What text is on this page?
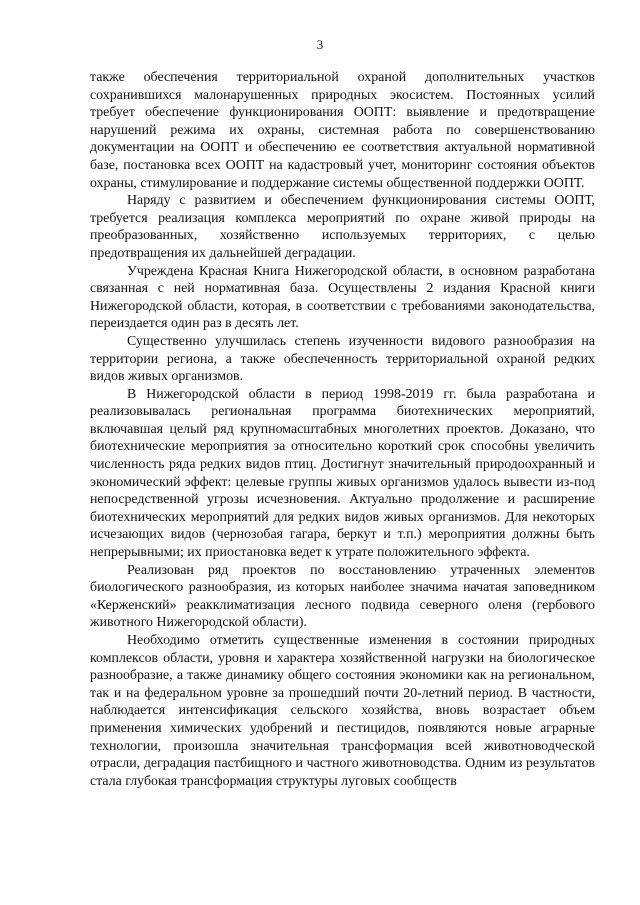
3

также обеспечения территориальной охраной дополнительных участков сохранившихся малонарушенных природных экосистем. Постоянных усилий требует обеспечение функционирования ООПТ: выявление и предотвращение нарушений режима их охраны, системная работа по совершенствованию документации на ООПТ и обеспечению ее соответствия актуальной нормативной базе, постановка всех ООПТ на кадастровый учет, мониторинг состояния объектов охраны, стимулирование и поддержание системы общественной поддержки ООПТ.

Наряду с развитием и обеспечением функционирования системы ООПТ, требуется реализация комплекса мероприятий по охране живой природы на преобразованных, хозяйственно используемых территориях, с целью предотвращения их дальнейшей деградации.

Учреждена Красная Книга Нижегородской области, в основном разработана связанная с ней нормативная база. Осуществлены 2 издания Красной книги Нижегородской области, которая, в соответствии с требованиями законодательства, переиздается один раз в десять лет.

Существенно улучшилась степень изученности видового разнообразия на территории региона, а также обеспеченность территориальной охраной редких видов живых организмов.

В Нижегородской области в период 1998-2019 гг. была разработана и реализовывалась региональная программа биотехнических мероприятий, включавшая целый ряд крупномасштабных многолетних проектов. Доказано, что биотехнические мероприятия за относительно короткий срок способны увеличить численность ряда редких видов птиц. Достигнут значительный природоохранный и экономический эффект: целевые группы живых организмов удалось вывести из-под непосредственной угрозы исчезновения. Актуально продолжение и расширение биотехнических мероприятий для редких видов живых организмов. Для некоторых исчезающих видов (чернозобая гагара, беркут и т.п.) мероприятия должны быть непрерывными; их приостановка ведет к утрате положительного эффекта.

Реализован ряд проектов по восстановлению утраченных элементов биологического разнообразия, из которых наиболее значима начатая заповедником «Керженский» реакклиматизация лесного подвида северного оленя (гербового животного Нижегородской области).

Необходимо отметить существенные изменения в состоянии природных комплексов области, уровня и характера хозяйственной нагрузки на биологическое разнообразие, а также динамику общего состояния экономики как на региональном, так и на федеральном уровне за прошедший почти 20-летний период. В частности, наблюдается интенсификация сельского хозяйства, вновь возрастает объем применения химических удобрений и пестицидов, появляются новые аграрные технологии, произошла значительная трансформация всей животноводческой отрасли, деградация пастбищного и частного животноводства. Одним из результатов стала глубокая трансформация структуры луговых сообществ
